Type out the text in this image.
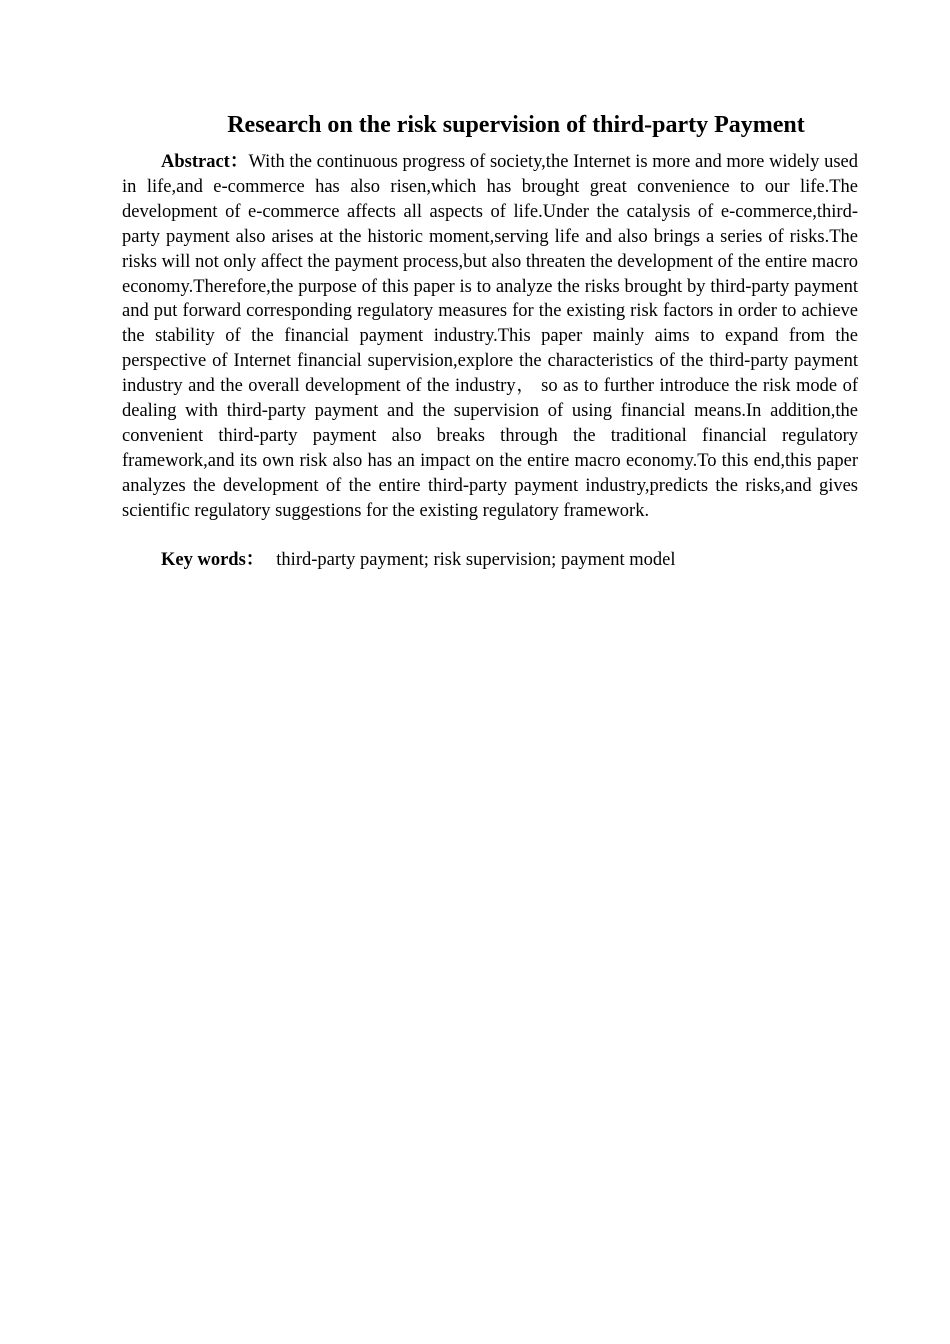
Research on the risk supervision of third-party Payment

Abstract：With the continuous progress of society,the Internet is more and more widely used in life,and e-commerce has also risen,which has brought great convenience to our life.The development of e-commerce affects all aspects of life.Under the catalysis of e-commerce,third-party payment also arises at the historic moment,serving life and also brings a series of risks.The risks will not only affect the payment process,but also threaten the development of the entire macro economy.Therefore,the purpose of this paper is to analyze the risks brought by third-party payment and put forward corresponding regulatory measures for the existing risk factors in order to achieve the stability of the financial payment industry.This paper mainly aims to expand from the perspective of Internet financial supervision,explore the characteristics of the third-party payment industry and the overall development of the industry， so as to further introduce the risk mode of dealing with third-party payment and the supervision of using financial means.In addition,the convenient third-party payment also breaks through the traditional financial regulatory framework,and its own risk also has an impact on the entire macro economy.To this end,this paper analyzes the development of the entire third-party payment industry,predicts the risks,and gives scientific regulatory suggestions for the existing regulatory framework.

Key words： third-party payment; risk supervision; payment model
